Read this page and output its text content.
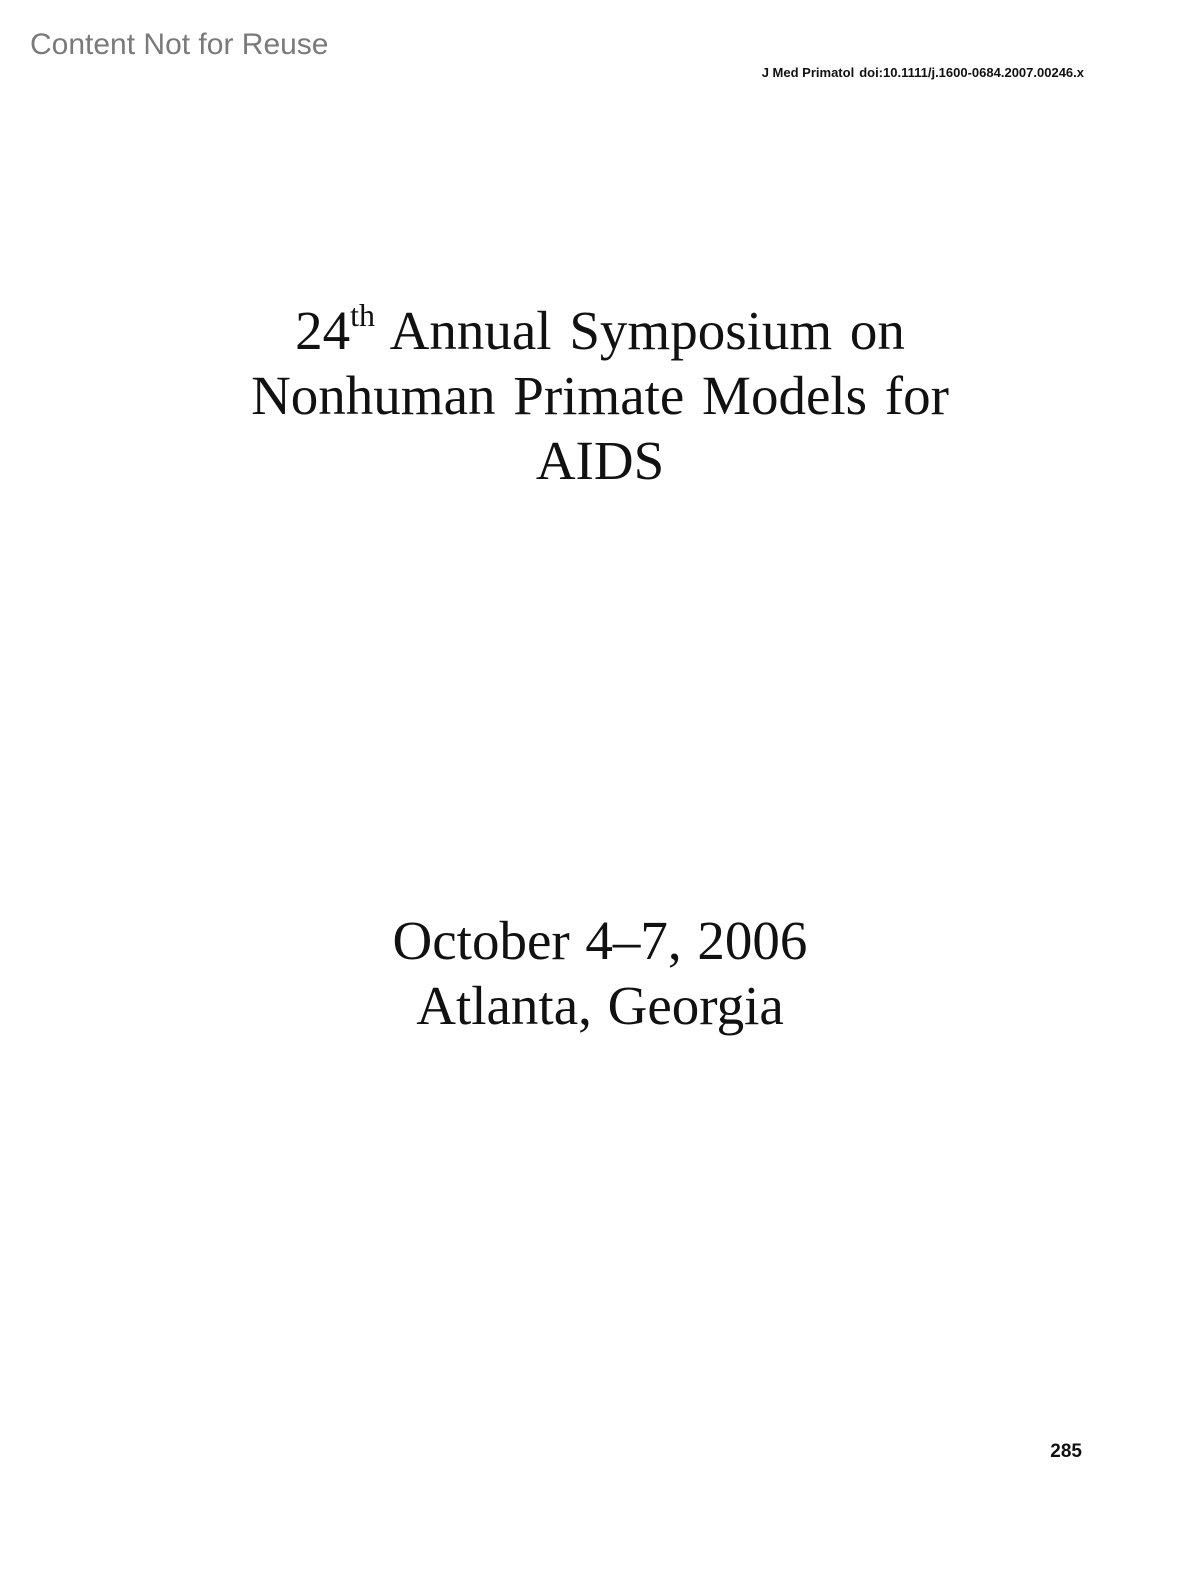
Content Not for Reuse
J Med Primatol doi:10.1111/j.1600-0684.2007.00246.x
24th Annual Symposium on
Nonhuman Primate Models for
AIDS
October 4–7, 2006
Atlanta, Georgia
285
